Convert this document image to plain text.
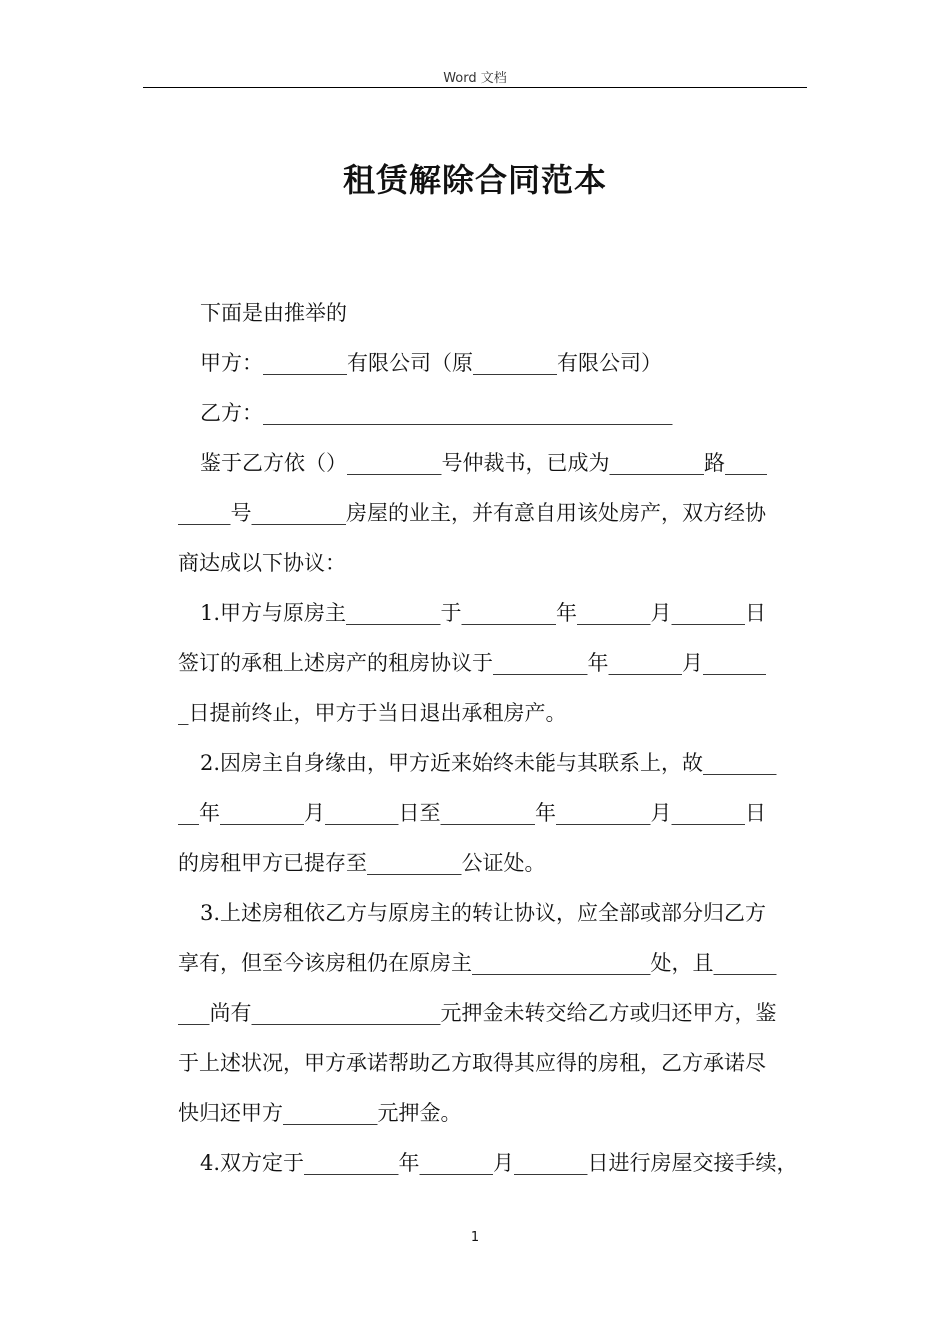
Word 文档
租赁解除合同范本
下面是由推举的
甲方：________有限公司（原________有限公司）
乙方：_______________________________________
鉴于乙方依（）_________号仲裁书，已成为_________路____
_____号_________房屋的业主，并有意自用该处房产，双方经协
商达成以下协议：
1.甲方与原房主_________于_________年_______月_______日
签订的承租上述房产的租房协议于_________年_______月______
_日提前终止，甲方于当日退出承租房产。
2.因房主自身缘由，甲方近来始终未能与其联系上，故_______
__年________月_______日至_________年_________月_______日
的房租甲方已提存至_________公证处。
3.上述房租依乙方与原房主的转让协议，应全部或部分归乙方
享有，但至今该房租仍在原房主_________________处，且______
___尚有__________________元押金未转交给乙方或归还甲方，鉴
于上述状况，甲方承诺帮助乙方取得其应得的房租，乙方承诺尽
快归还甲方_________元押金。
4.双方定于_________年_______月_______日进行房屋交接手续，
1
